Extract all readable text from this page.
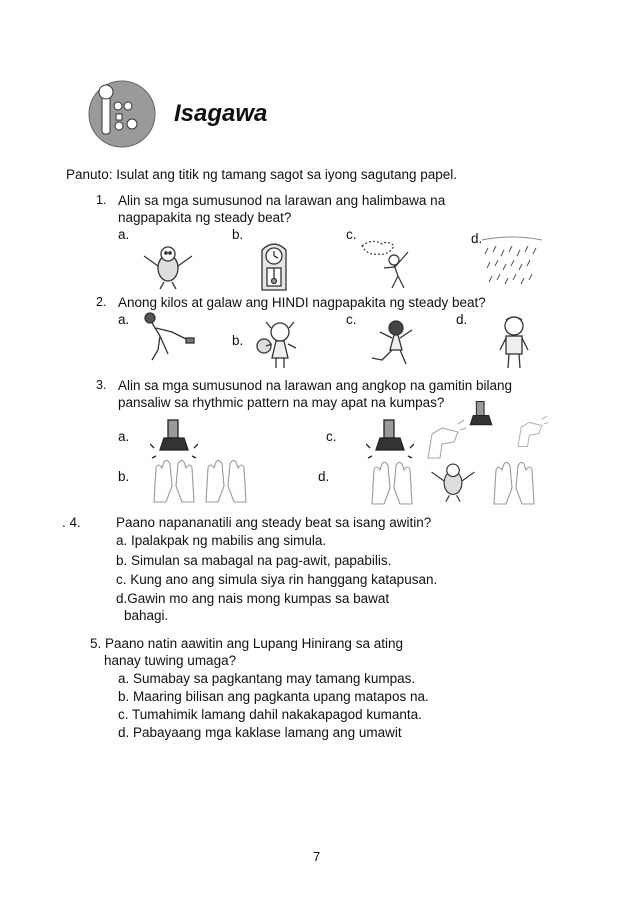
Isagawa
Panuto: Isulat ang titik ng tamang sagot sa iyong sagutang papel.
1. Alin sa mga sumusunod na larawan ang halimbawa na
nagpapakita ng steady beat?
a.	b.	c.	d.
2. Anong kilos at galaw ang HINDI nagpapakita ng steady beat?
a.
b.
c.	d.
3. Alin sa mga sumusunod na larawan ang angkop na gamitin bilang
pansaliw sa rhythmic pattern na may apat na kumpas?
a.	c.
b.	d.
. 4.	Paano napananatili ang steady beat sa isang awitin?
a. Ipalakpak ng mabilis ang simula.
b. Simulan sa mabagal na pag-awit, papabilis.
c. Kung ano ang simula siya rin hanggang katapusan.
d.Gawin mo ang nais mong kumpas sa bawat
bahagi.
5. Paano natin aawitin ang Lupang Hinirang sa ating
hanay tuwing umaga?
a. Sumabay sa pagkantang may tamang kumpas.
b. Maaring bilisan ang pagkanta upang matapos na.
c. Tumahimik lamang dahil nakakapagod kumanta.
d. Pabayaang mga kaklase lamang ang umawit
7
